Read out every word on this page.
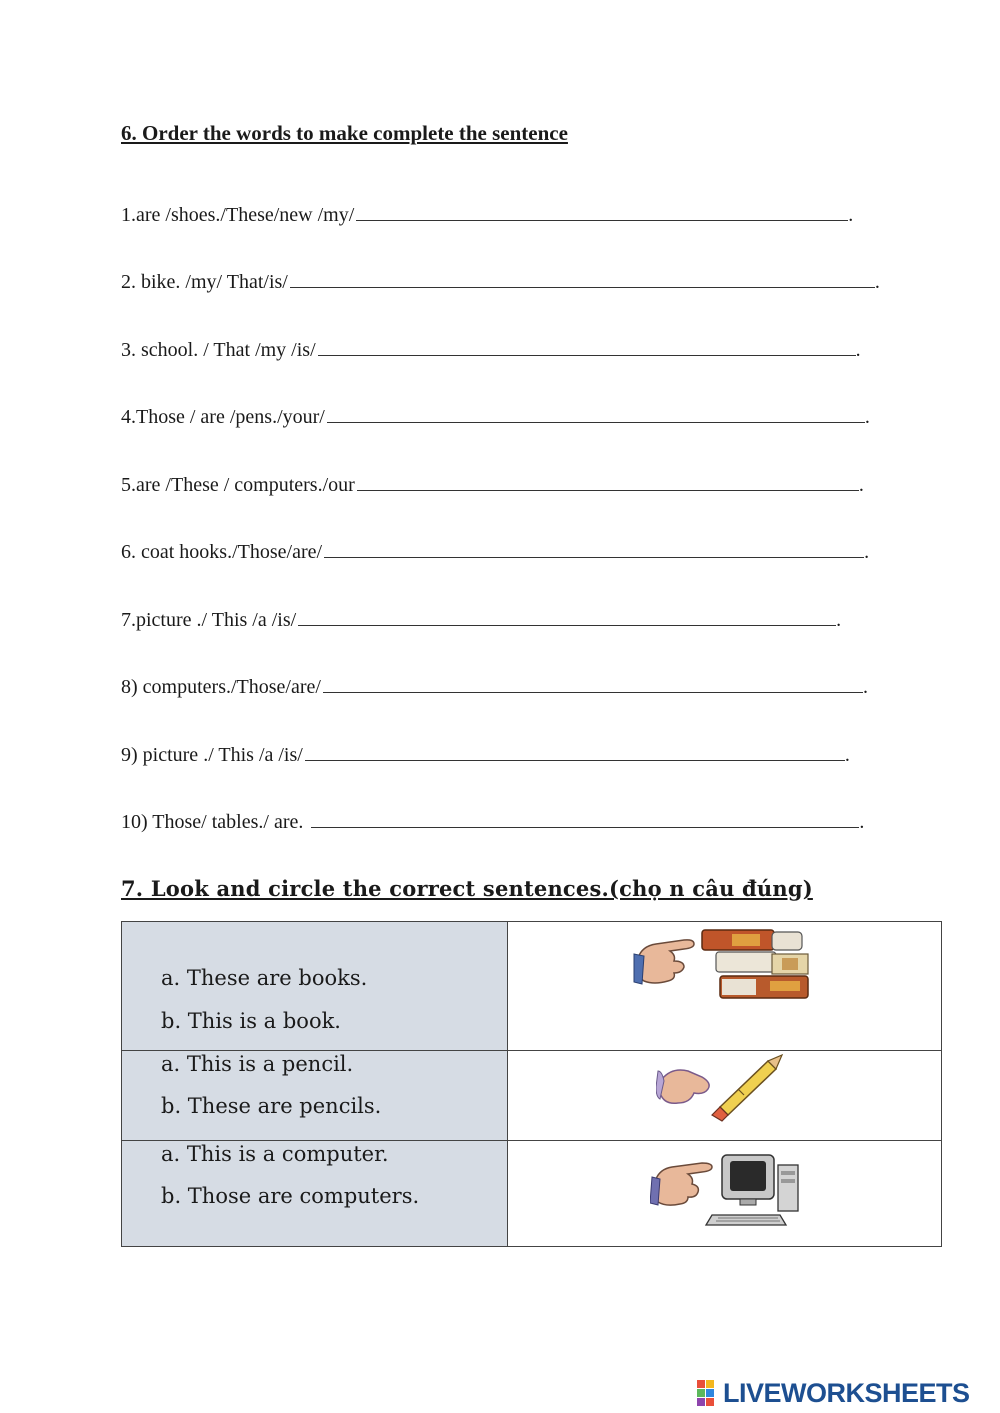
6. Order the words to make complete the sentence
1.are /shoes./These/new /my/	.
2. bike. /my/ That/is/	.
3. school. / That /my /is/	.
4.Those / are /pens./your/	.
5.are /These / computers./our	.
6. coat hooks./Those/are/	.
7.picture ./ This /a /is/	.
8) computers./Those/are/	.
9) picture ./ This /a /is/	.
10) Those/ tables./ are.	.
7. Look and circle the correct sentences.(chọ n câu đúng)
a. These are books.
b. This is a book.
a. This is a pencil.
b. These are pencils.
a. This is a computer.
b. Those are computers.
LIVEWORKSHEETS
